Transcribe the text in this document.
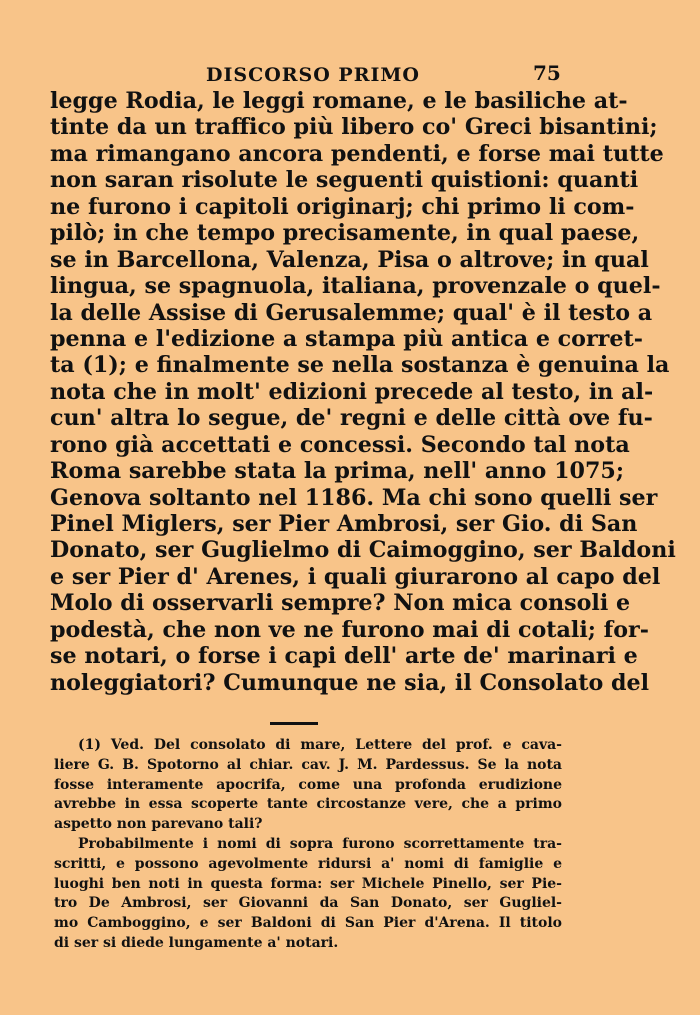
DISCORSO PRIMO	75
legge Rodia, le leggi romane, e le basiliche at-
tinte da un traffico più libero co' Greci bisantini;
ma rimangano ancora pendenti, e forse mai tutte
non saran risolute le seguenti quistioni: quanti
ne furono i capitoli originarj; chi primo li com-
pilò; in che tempo precisamente, in qual paese,
se in Barcellona, Valenza, Pisa o altrove; in qual
lingua, se spagnuola, italiana, provenzale o quel-
la delle Assise di Gerusalemme; qual' è il testo a
penna e l'edizione a stampa più antica e corret-
ta (1); e finalmente se nella sostanza è genuina la
nota che in molt' edizioni precede al testo, in al-
cun' altra lo segue, de' regni e delle città ove fu-
rono già accettati e concessi. Secondo tal nota
Roma sarebbe stata la prima, nell' anno 1075;
Genova soltanto nel 1186. Ma chi sono quelli ser
Pinel Miglers, ser Pier Ambrosi, ser Gio. di San
Donato, ser Guglielmo di Caimoggino, ser Baldoni
e ser Pier d' Arenes, i quali giurarono al capo del
Molo di osservarli sempre? Non mica consoli e
podestà, che non ve ne furono mai di cotali; for-
se notari, o forse i capi dell' arte de' marinari e
noleggiatori? Cumunque ne sia, il Consolato del
(1) Ved. Del consolato di mare, Lettere del prof. e cava-
liere G. B. Spotorno al chiar. cav. J. M. Pardessus. Se la nota
fosse interamente apocrifa, come una profonda erudizione
avrebbe in essa scoperte tante circostanze vere, che a primo
aspetto non parevano tali?
Probabilmente i nomi di sopra furono scorrettamente tra-
scritti, e possono agevolmente ridursi a' nomi di famiglie e
luoghi ben noti in questa forma: ser Michele Pinello, ser Pie-
tro De Ambrosi, ser Giovanni da San Donato, ser Gugliel-
mo Camboggino, e ser Baldoni di San Pier d'Arena. Il titolo
di ser si diede lungamente a' notari.
